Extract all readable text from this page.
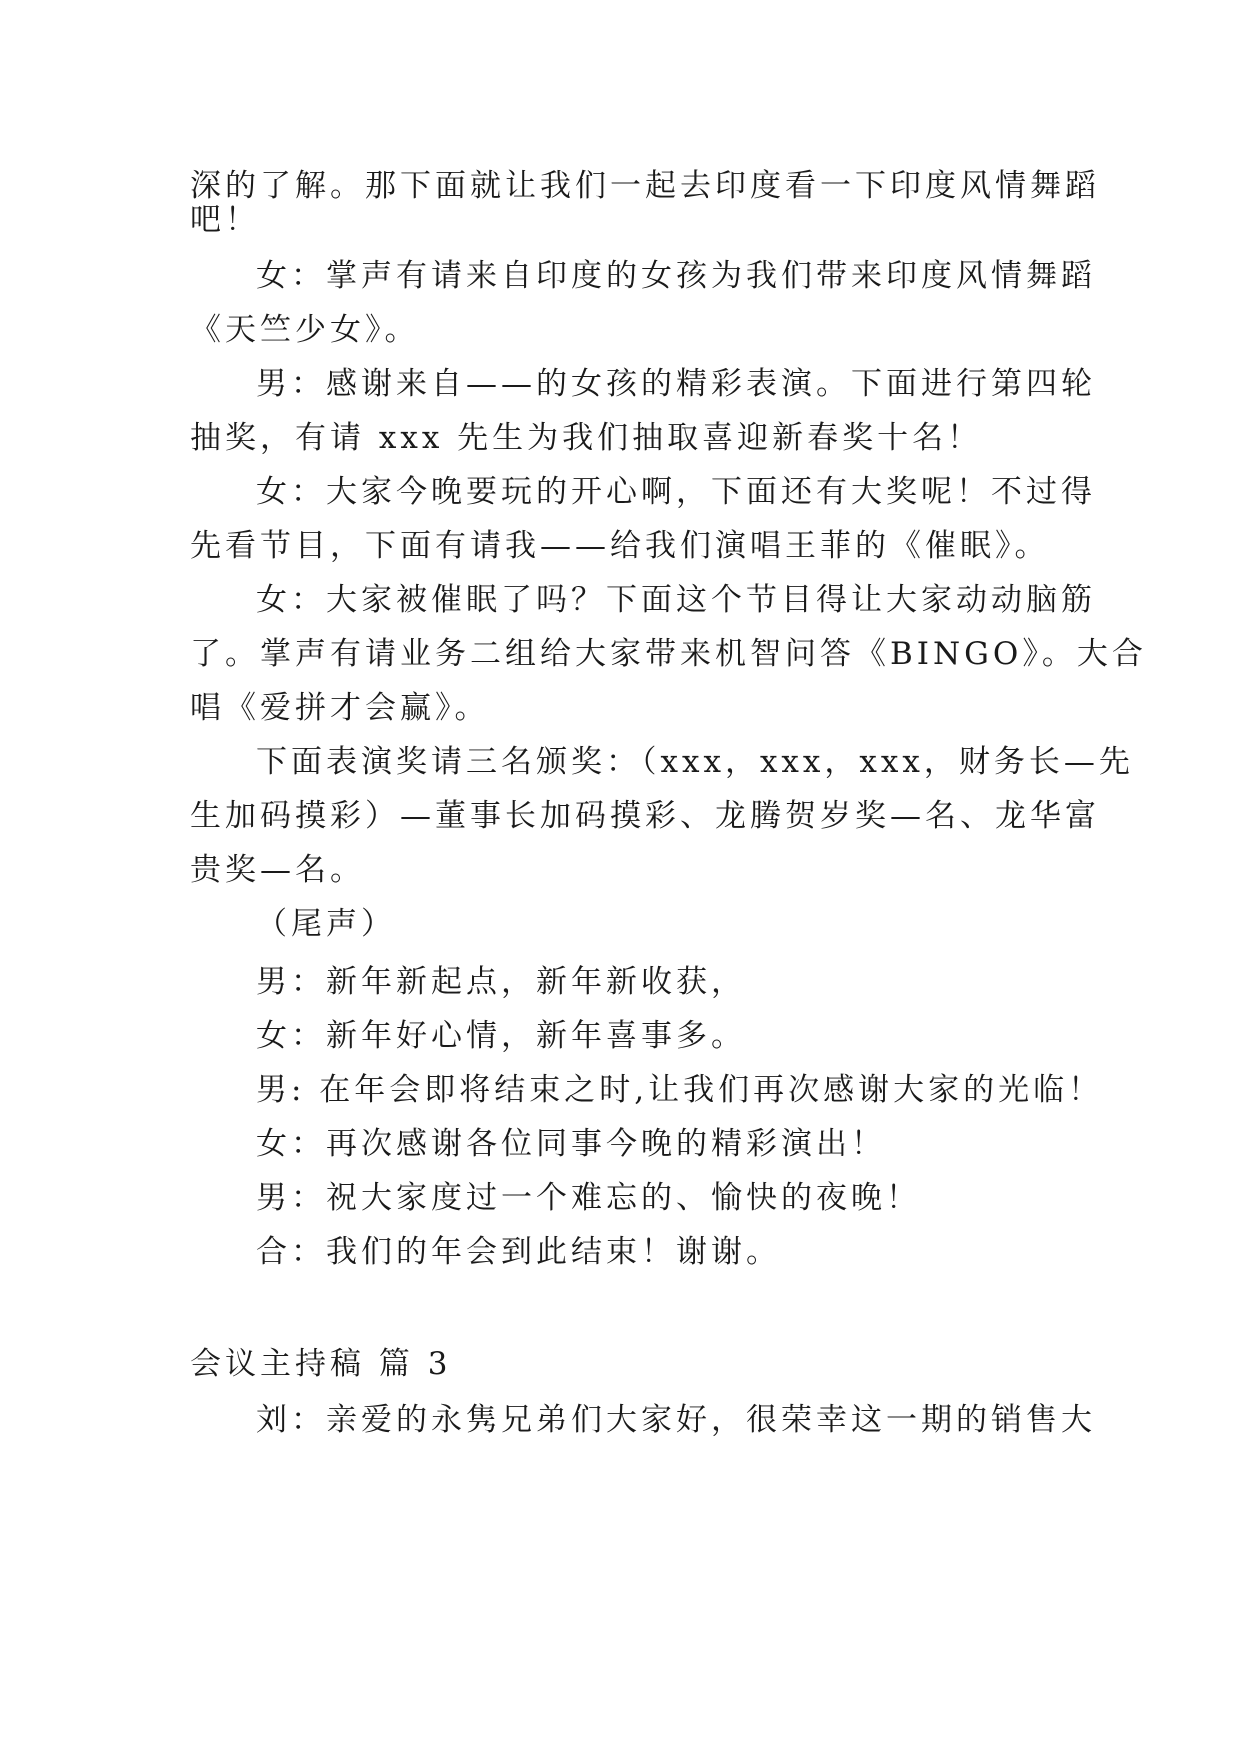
深的了解。那下面就让我们一起去印度看一下印度风情舞蹈
吧！
女：掌声有请来自印度的女孩为我们带来印度风情舞蹈
《天竺少女》。
男：感谢来自——的女孩的精彩表演。下面进行第四轮
抽奖，有请 xxx 先生为我们抽取喜迎新春奖十名！
女：大家今晚要玩的开心啊，下面还有大奖呢！不过得
先看节目，下面有请我——给我们演唱王菲的《催眠》。
女：大家被催眠了吗？下面这个节目得让大家动动脑筋
了。掌声有请业务二组给大家带来机智问答《BINGO》。大合
唱《爱拼才会赢》。
下面表演奖请三名颁奖：（xxx，xxx，xxx，财务长—先
生加码摸彩）—董事长加码摸彩、龙腾贺岁奖—名、龙华富
贵奖—名。
（尾声）
男：新年新起点，新年新收获，
女：新年好心情，新年喜事多。
男: 在年会即将结束之时,让我们再次感谢大家的光临！
女：再次感谢各位同事今晚的精彩演出！
男：祝大家度过一个难忘的、愉快的夜晚！
合：我们的年会到此结束！谢谢。
会议主持稿 篇 3
刘：亲爱的永隽兄弟们大家好，很荣幸这一期的销售大
